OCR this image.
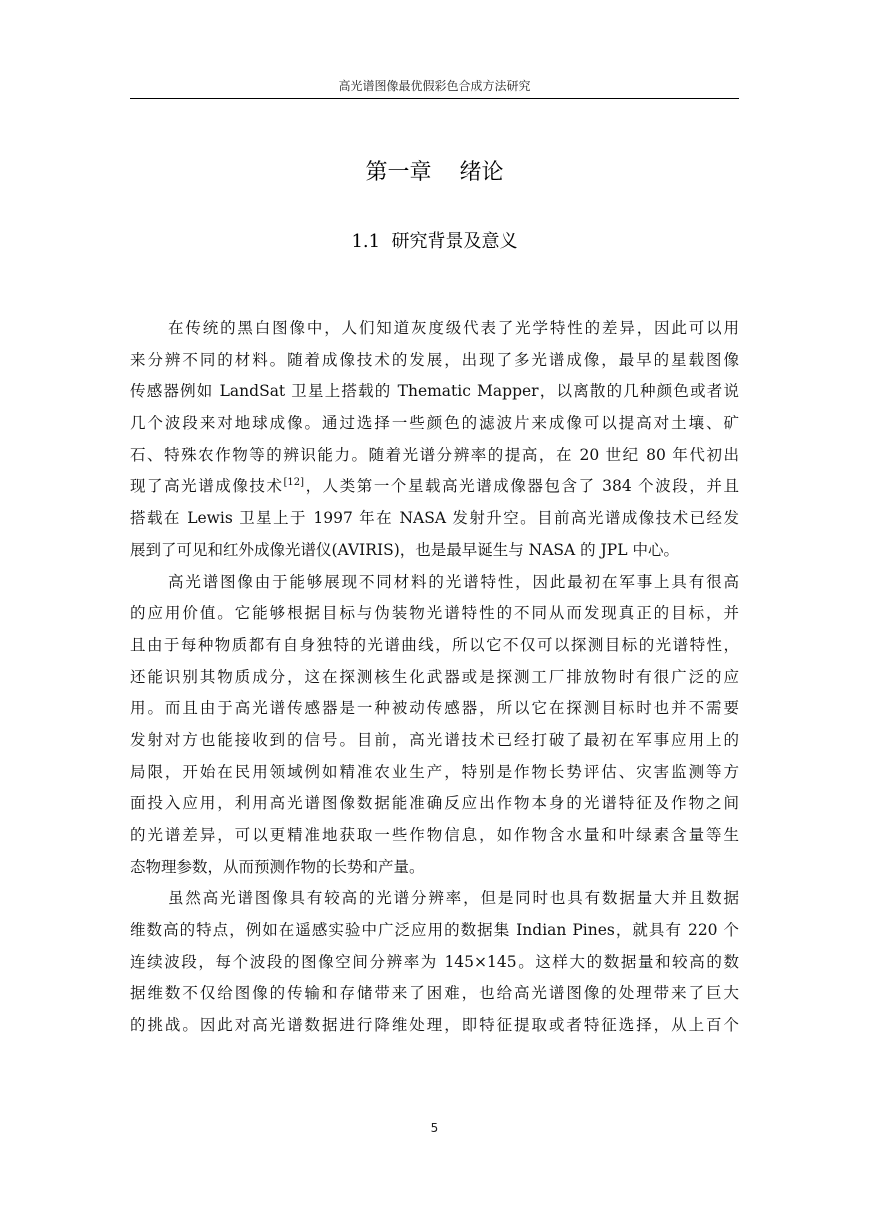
高光谱图像最优假彩色合成方法研究
第一章    绪论
1.1  研究背景及意义
在传统的黑白图像中，人们知道灰度级代表了光学特性的差异，因此可以用
来分辨不同的材料。随着成像技术的发展，出现了多光谱成像，最早的星载图像
传感器例如 LandSat 卫星上搭载的 Thematic Mapper，以离散的几种颜色或者说
几个波段来对地球成像。通过选择一些颜色的滤波片来成像可以提高对土壤、矿
石、特殊农作物等的辨识能力。随着光谱分辨率的提高，在 20 世纪 80 年代初出
现了高光谱成像技术[12]，人类第一个星载高光谱成像器包含了 384 个波段，并且
搭载在 Lewis 卫星上于 1997 年在 NASA 发射升空。目前高光谱成像技术已经发
展到了可见和红外成像光谱仪(AVIRIS)，也是最早诞生与 NASA 的 JPL 中心。
高光谱图像由于能够展现不同材料的光谱特性，因此最初在军事上具有很高
的应用价值。它能够根据目标与伪装物光谱特性的不同从而发现真正的目标，并
且由于每种物质都有自身独特的光谱曲线，所以它不仅可以探测目标的光谱特性，
还能识别其物质成分，这在探测核生化武器或是探测工厂排放物时有很广泛的应
用。而且由于高光谱传感器是一种被动传感器，所以它在探测目标时也并不需要
发射对方也能接收到的信号。目前，高光谱技术已经打破了最初在军事应用上的
局限，开始在民用领域例如精准农业生产，特别是作物长势评估、灾害监测等方
面投入应用，利用高光谱图像数据能准确反应出作物本身的光谱特征及作物之间
的光谱差异，可以更精准地获取一些作物信息，如作物含水量和叶绿素含量等生
态物理参数，从而预测作物的长势和产量。
虽然高光谱图像具有较高的光谱分辨率，但是同时也具有数据量大并且数据
维数高的特点，例如在遥感实验中广泛应用的数据集 Indian Pines，就具有 220 个
连续波段，每个波段的图像空间分辨率为 145×145。这样大的数据量和较高的数
据维数不仅给图像的传输和存储带来了困难，也给高光谱图像的处理带来了巨大
的挑战。因此对高光谱数据进行降维处理，即特征提取或者特征选择，从上百个
5
